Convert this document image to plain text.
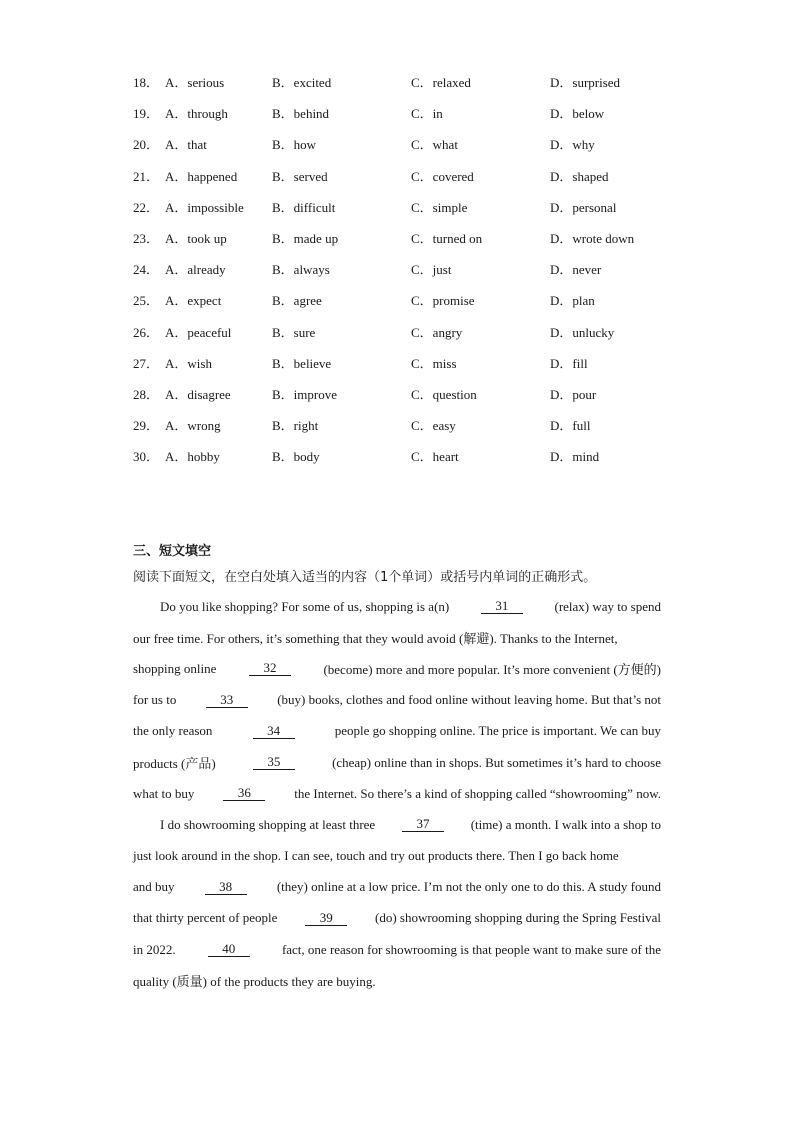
18． A．serious	B．excited	C．relaxed	D．surprised
19． A．through	B．behind	C．in	D．below
20． A．that	B．how	C．what	D．why
21． A．happened	B．served	C．covered	D．shaped
22． A．impossible	B．difficult	C．simple	D．personal
23． A．took up	B．made up	C．turned on	D．wrote down
24． A．already	B．always	C．just	D．never
25． A．expect	B．agree	C．promise	D．plan
26． A．peaceful	B．sure	C．angry	D．unlucky
27． A．wish	B．believe	C．miss	D．fill
28． A．disagree	B．improve	C．question	D．pour
29． A．wrong	B．right	C．easy	D．full
30． A．hobby	B．body	C．heart	D．mind
三、短文填空
阅读下面短文，在空白处填入适当的内容（1个单词）或括号内单词的正确形式。
Do you like shopping? For some of us, shopping is a(n)	31	(relax) way to spend
our free time. For others, it’s something that they would avoid (解避). Thanks to the Internet,
shopping online	32	(become) more and more popular. It’s more convenient (方便的)
for us to	33	(buy) books, clothes and food online without leaving home. But that’s not
the only reason	34	people go shopping online. The price is important. We can buy
products (产品)	35	(cheap) online than in shops. But sometimes it’s hard to choose
what to buy	36	the Internet. So there’s a kind of shopping called “showrooming” now.
I do showrooming shopping at least three	37	(time) a month. I walk into a shop to
just look around in the shop. I can see, touch and try out products there. Then I go back home
and buy	38	(they) online at a low price. I’m not the only one to do this. A study found
that thirty percent of people	39	(do) showrooming shopping during the Spring Festival
in 2022.	40	fact, one reason for showrooming is that people want to make sure of the
quality (质量) of the products they are buying.
